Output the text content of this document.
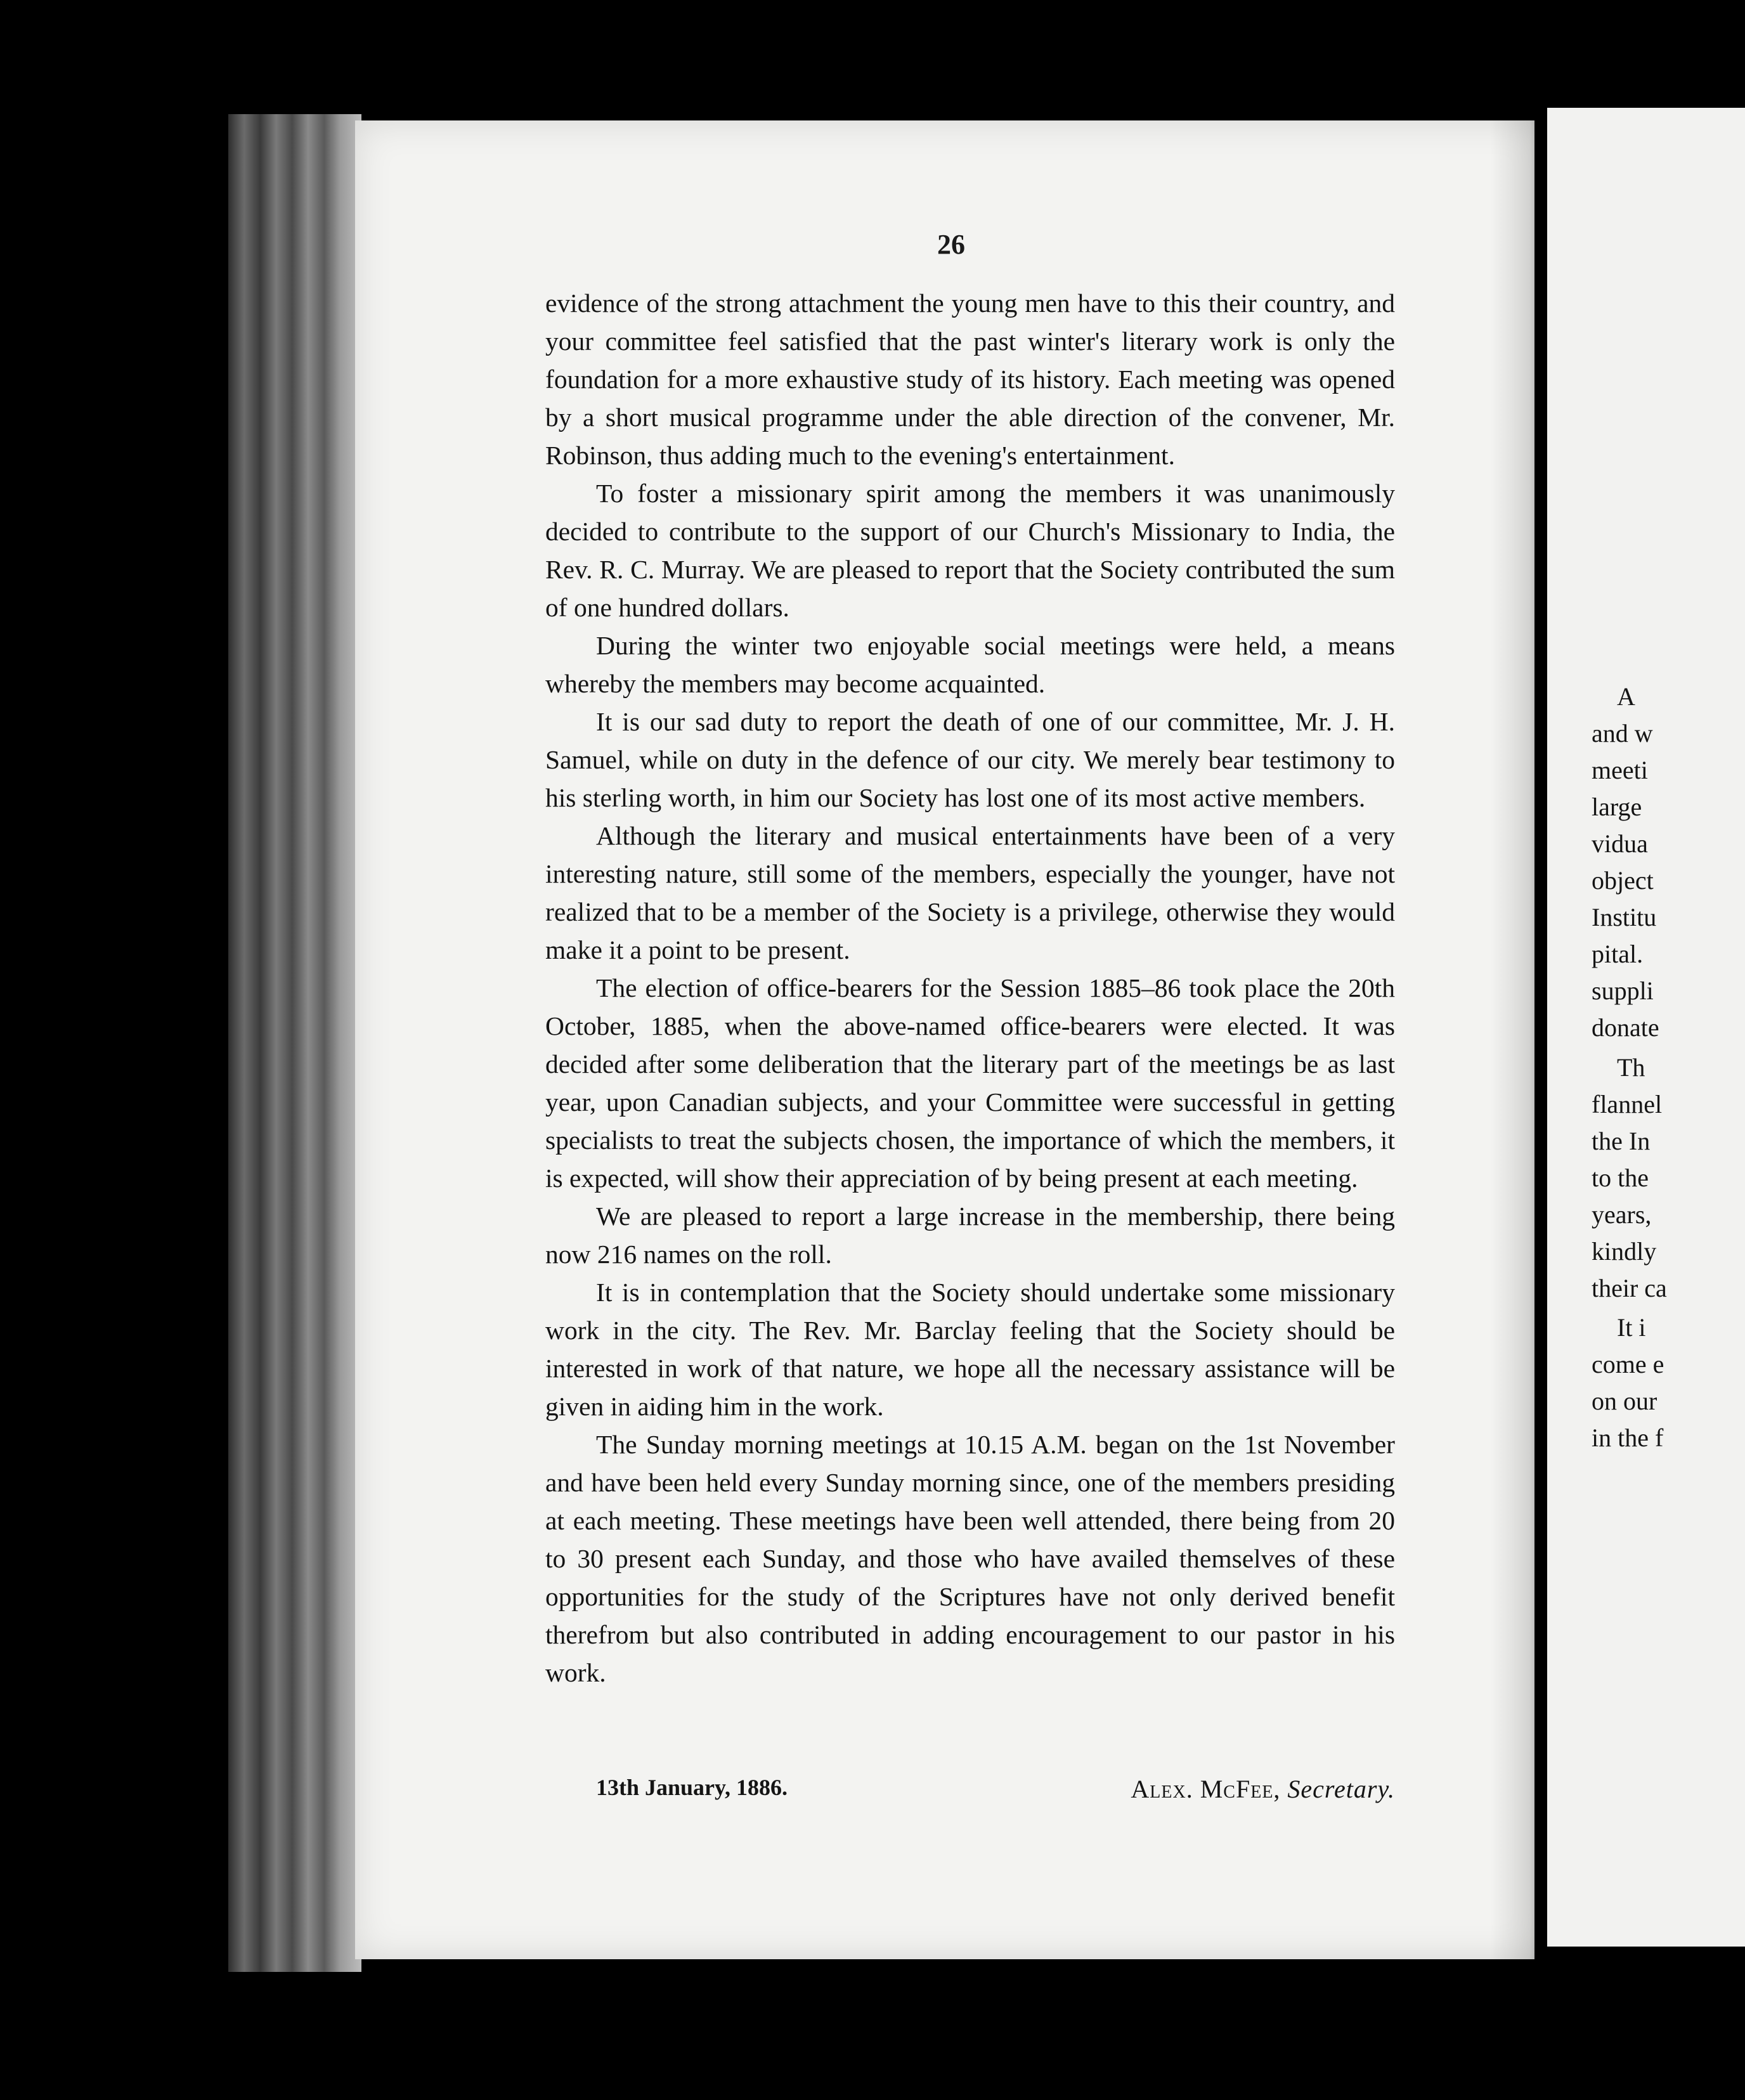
26

evidence of the strong attachment the young men have to this their country, and your committee feel satisfied that the past winter's literary work is only the foundation for a more exhaustive study of its history. Each meeting was opened by a short musical programme under the able direction of the convener, Mr. Robinson, thus adding much to the evening's entertainment.

To foster a missionary spirit among the members it was unanimously decided to contribute to the support of our Church's Missionary to India, the Rev. R. C. Murray. We are pleased to report that the Society contributed the sum of one hundred dollars.

During the winter two enjoyable social meetings were held, a means whereby the members may become acquainted.

It is our sad duty to report the death of one of our committee, Mr. J. H. Samuel, while on duty in the defence of our city. We merely bear testimony to his sterling worth, in him our Society has lost one of its most active members.

Although the literary and musical entertainments have been of a very interesting nature, still some of the members, especially the younger, have not realized that to be a member of the Society is a privilege, otherwise they would make it a point to be present.

The election of office-bearers for the Session 1885–86 took place the 20th October, 1885, when the above-named office-bearers were elected. It was decided after some deliberation that the literary part of the meetings be as last year, upon Canadian subjects, and your Committee were successful in getting specialists to treat the subjects chosen, the importance of which the members, it is expected, will show their appreciation of by being present at each meeting.

We are pleased to report a large increase in the membership, there being now 216 names on the roll.

It is in contemplation that the Society should undertake some missionary work in the city. The Rev. Mr. Barclay feeling that the Society should be interested in work of that nature, we hope all the necessary assistance will be given in aiding him in the work.

The Sunday morning meetings at 10.15 A.M. began on the 1st November and have been held every Sunday morning since, one of the members presiding at each meeting. These meetings have been well attended, there being from 20 to 30 present each Sunday, and those who have availed themselves of these opportunities for the study of the Scriptures have not only derived benefit therefrom but also contributed in adding encouragement to our pastor in his work.

13th January, 1886.	Alex. McFee, Secretary.
A
and w
meeti
large
vidua
object
Institu
pital.
suppli
donate
Th
flannel
the In
to the
years,
kindly
their ca
It i
come e
on our
in the f
